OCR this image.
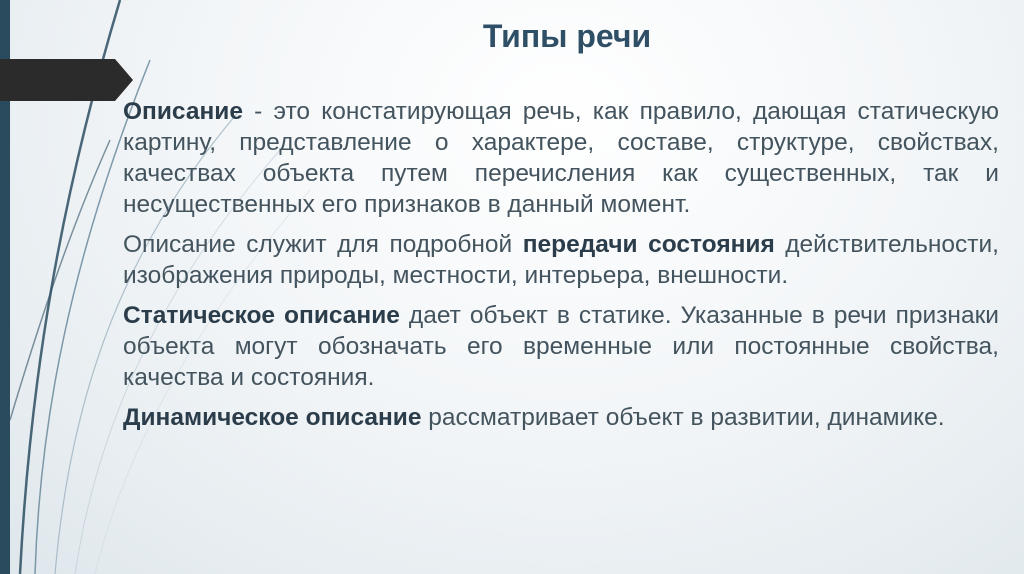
Типы речи

Описание - это констатирующая речь, как правило, дающая статическую картину, представление о характере, составе, структуре, свойствах, качествах объекта путем перечисления как существенных, так и несущественных его признаков в данный момент.

Описание служит для подробной передачи состояния действительности, изображения природы, местности, интерьера, внешности.

Статическое описание дает объект в статике. Указанные в речи признаки объекта могут обозначать его временные или постоянные свойства, качества и состояния.

Динамическое описание рассматривает объект в развитии, динамике.
